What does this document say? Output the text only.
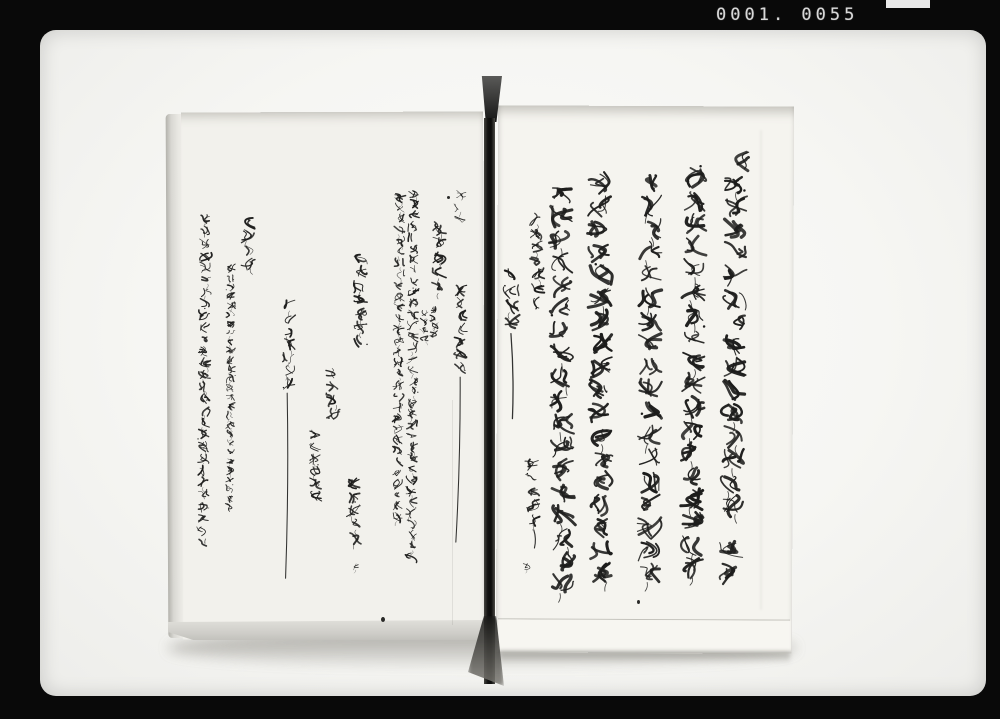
0001. 0055
